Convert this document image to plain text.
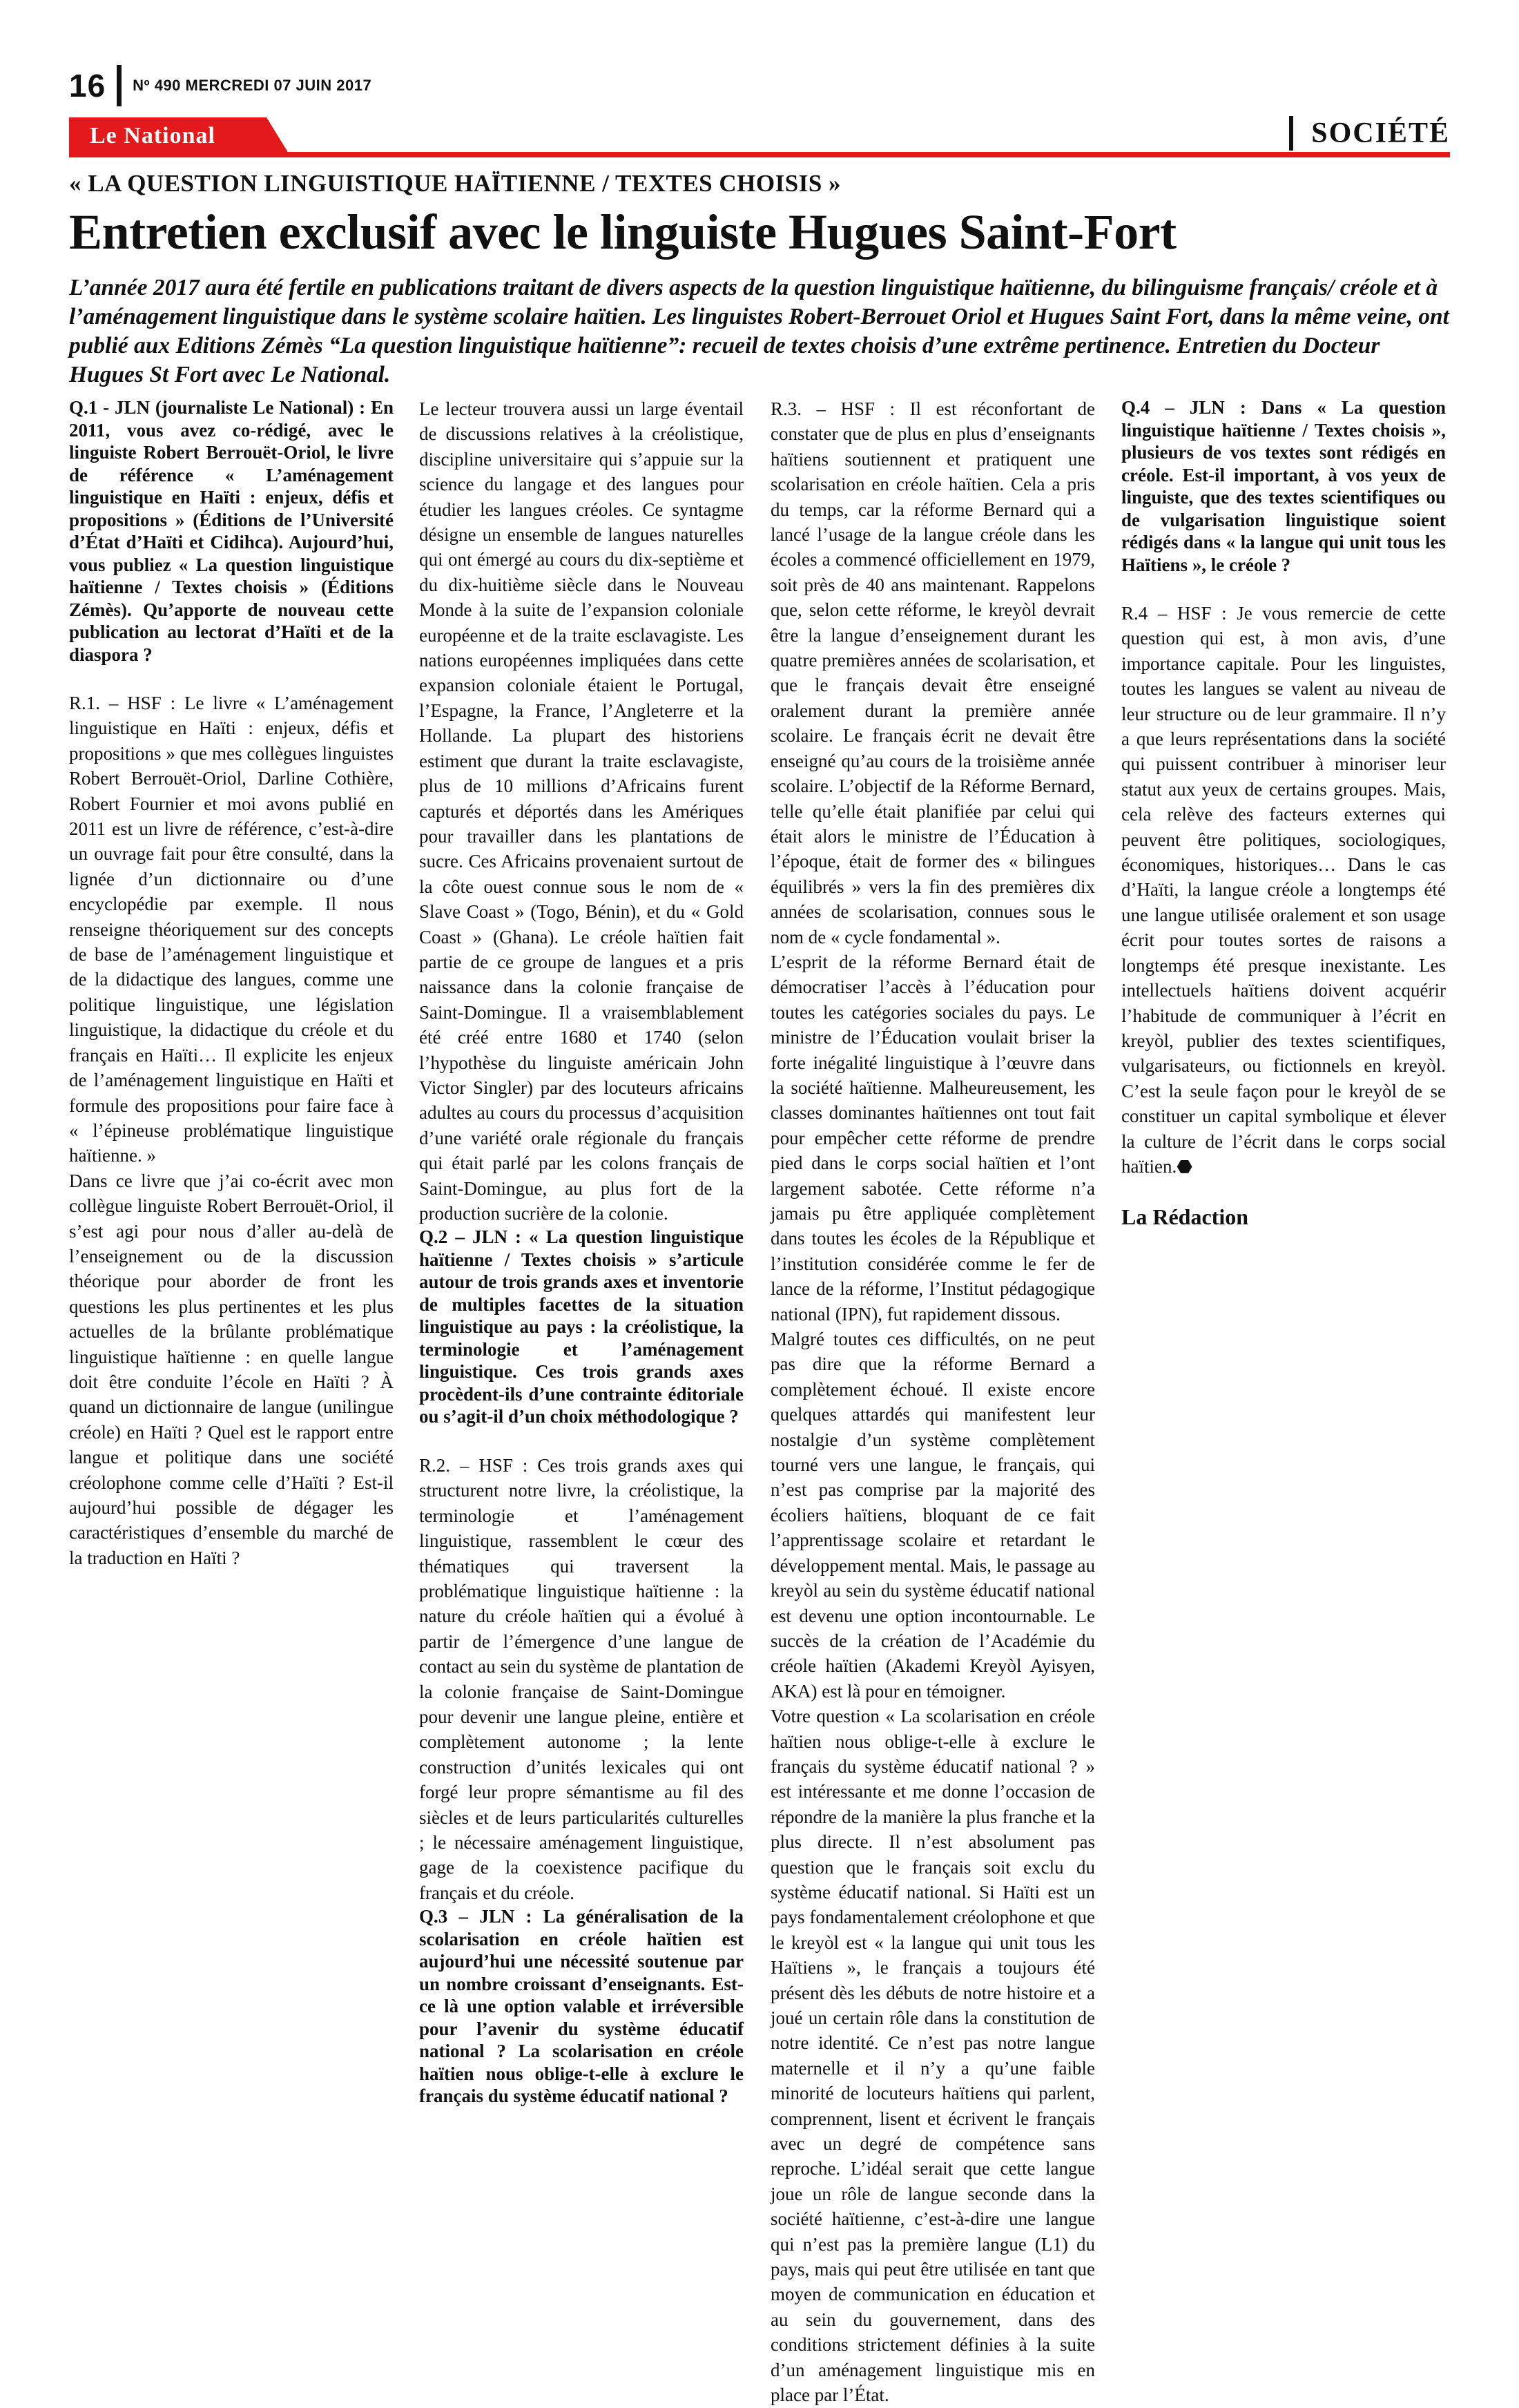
16 Nº 490 MERCREDI 07 JUIN 2017
Le National	SOCIÉTÉ
« LA QUESTION LINGUISTIQUE HAÏTIENNE / TEXTES CHOISIS »
Entretien exclusif avec le linguiste Hugues Saint-Fort
L’année 2017 aura été fertile en publications traitant de divers aspects de la question linguistique haïtienne, du bilinguisme français/ créole et à l’aménagement linguistique dans le système scolaire haïtien. Les linguistes Robert-Berrouet Oriol et Hugues Saint Fort, dans la même veine, ont publié aux Editions Zémès “La question linguistique haïtienne”: recueil de textes choisis d’une extrême pertinence. Entretien du Docteur Hugues St Fort avec Le National.

Q.1 - JLN (journaliste Le National) : En 2011, vous avez co-rédigé, avec le linguiste Robert Berrouët-Oriol, le livre de référence « L’aménagement linguistique en Haïti : enjeux, défis et propositions » (Éditions de l’Université d’État d’Haïti et Cidihca). Aujourd’hui, vous publiez « La question linguistique haïtienne / Textes choisis » (Éditions Zémès). Qu’apporte de nouveau cette publication au lectorat d’Haïti et de la diaspora ?

R.1. – HSF : Le livre « L’aménagement linguistique en Haïti : enjeux, défis et propositions » que mes collègues linguistes Robert Berrouët-Oriol, Darline Cothière, Robert Fournier et moi avons publié en 2011 est un livre de référence, c’est-à-dire un ouvrage fait pour être consulté, dans la lignée d’un dictionnaire ou d’une encyclopédie par exemple. Il nous renseigne théoriquement sur des concepts de base de l’aménagement linguistique et de la didactique des langues, comme une politique linguistique, une législation linguistique, la didactique du créole et du français en Haïti… Il explicite les enjeux de l’aménagement linguistique en Haïti et formule des propositions pour faire face à « l’épineuse problématique linguistique haïtienne. »

Dans ce livre que j’ai co-écrit avec mon collègue linguiste Robert Berrouët-Oriol, il s’est agi pour nous d’aller au-delà de l’enseignement ou de la discussion théorique pour aborder de front les questions les plus pertinentes et les plus actuelles de la brûlante problématique linguistique haïtienne : en quelle langue doit être conduite l’école en Haïti ? À quand un dictionnaire de langue (unilingue créole) en Haïti ? Quel est le rapport entre langue et politique dans une société créolophone comme celle d’Haïti ? Est-il aujourd’hui possible de dégager les caractéristiques d’ensemble du marché de la traduction en Haïti ?

Le lecteur trouvera aussi un large éventail de discussions relatives à la créolistique, discipline universitaire qui s’appuie sur la science du langage et des langues pour étudier les langues créoles. Ce syntagme désigne un ensemble de langues naturelles qui ont émergé au cours du dix-septième et du dix-huitième siècle dans le Nouveau Monde à la suite de l’expansion coloniale européenne et de la traite esclavagiste. Les nations européennes impliquées dans cette expansion coloniale étaient le Portugal, l’Espagne, la France, l’Angleterre et la Hollande. La plupart des historiens estiment que durant la traite esclavagiste, plus de 10 millions d’Africains furent capturés et déportés dans les Amériques pour travailler dans les plantations de sucre. Ces Africains provenaient surtout de la côte ouest connue sous le nom de « Slave Coast » (Togo, Bénin), et du « Gold Coast » (Ghana). Le créole haïtien fait partie de ce groupe de langues et a pris naissance dans la colonie française de Saint-Domingue. Il a vraisemblablement été créé entre 1680 et 1740 (selon l’hypothèse du linguiste américain John Victor Singler) par des locuteurs africains adultes au cours du processus d’acquisition d’une variété orale régionale du français qui était parlé par les colons français de Saint-Domingue, au plus fort de la production sucrière de la colonie.

Q.2 – JLN : « La question linguistique haïtienne / Textes choisis » s’articule autour de trois grands axes et inventorie de multiples facettes de la situation linguistique au pays : la créolistique, la terminologie et l’aménagement linguistique. Ces trois grands axes procèdent-ils d’une contrainte éditoriale ou s’agit-il d’un choix méthodologique ?

R.2. – HSF : Ces trois grands axes qui structurent notre livre, la créolistique, la terminologie et l’aménagement linguistique, rassemblent le cœur des thématiques qui traversent la problématique linguistique haïtienne : la nature du créole haïtien qui a évolué à partir de l’émergence d’une langue de contact au sein du système de plantation de la colonie française de Saint-Domingue pour devenir une langue pleine, entière et complètement autonome ; la lente construction d’unités lexicales qui ont forgé leur propre sémantisme au fil des siècles et de leurs particularités culturelles ; le nécessaire aménagement linguistique, gage de la coexistence pacifique du français et du créole.

Q.3 – JLN : La généralisation de la scolarisation en créole haïtien est aujourd’hui une nécessité soutenue par un nombre croissant d’enseignants. Est-ce là une option valable et irréversible pour l’avenir du système éducatif national ? La scolarisation en créole haïtien nous oblige-t-elle à exclure le français du système éducatif national ?

R.3. – HSF : Il est réconfortant de constater que de plus en plus d’enseignants haïtiens soutiennent et pratiquent une scolarisation en créole haïtien. Cela a pris du temps, car la réforme Bernard qui a lancé l’usage de la langue créole dans les écoles a commencé officiellement en 1979, soit près de 40 ans maintenant. Rappelons que, selon cette réforme, le kreyòl devrait être la langue d’enseignement durant les quatre premières années de scolarisation, et que le français devait être enseigné oralement durant la première année scolaire. Le français écrit ne devait être enseigné qu’au cours de la troisième année scolaire. L’objectif de la Réforme Bernard, telle qu’elle était planifiée par celui qui était alors le ministre de l’Éducation à l’époque, était de former des « bilingues équilibrés » vers la fin des premières dix années de scolarisation, connues sous le nom de « cycle fondamental ».

L’esprit de la réforme Bernard était de démocratiser l’accès à l’éducation pour toutes les catégories sociales du pays. Le ministre de l’Éducation voulait briser la forte inégalité linguistique à l’œuvre dans la société haïtienne. Malheureusement, les classes dominantes haïtiennes ont tout fait pour empêcher cette réforme de prendre pied dans le corps social haïtien et l’ont largement sabotée. Cette réforme n’a jamais pu être appliquée complètement dans toutes les écoles de la République et l’institution considérée comme le fer de lance de la réforme, l’Institut pédagogique national (IPN), fut rapidement dissous.

Malgré toutes ces difficultés, on ne peut pas dire que la réforme Bernard a complètement échoué. Il existe encore quelques attardés qui manifestent leur nostalgie d’un système complètement tourné vers une langue, le français, qui n’est pas comprise par la majorité des écoliers haïtiens, bloquant de ce fait l’apprentissage scolaire et retardant le développement mental. Mais, le passage au kreyòl au sein du système éducatif national est devenu une option incontournable. Le succès de la création de l’Académie du créole haïtien (Akademi Kreyòl Ayisyen, AKA) est là pour en témoigner.

Votre question « La scolarisation en créole haïtien nous oblige-t-elle à exclure le français du système éducatif national ? » est intéressante et me donne l’occasion de répondre de la manière la plus franche et la plus directe. Il n’est absolument pas question que le français soit exclu du système éducatif national. Si Haïti est un pays fondamentalement créolophone et que le kreyòl est « la langue qui unit tous les Haïtiens », le français a toujours été présent dès les débuts de notre histoire et a joué un certain rôle dans la constitution de notre identité. Ce n’est pas notre langue maternelle et il n’y a qu’une faible minorité de locuteurs haïtiens qui parlent, comprennent, lisent et écrivent le français avec un degré de compétence sans reproche. L’idéal serait que cette langue joue un rôle de langue seconde dans la société haïtienne, c’est-à-dire une langue qui n’est pas la première langue (L1) du pays, mais qui peut être utilisée en tant que moyen de communication en éducation et au sein du gouvernement, dans des conditions strictement définies à la suite d’un aménagement linguistique mis en place par l’État.

Q.4 – JLN : Dans « La question linguistique haïtienne / Textes choisis », plusieurs de vos textes sont rédigés en créole. Est-il important, à vos yeux de linguiste, que des textes scientifiques ou de vulgarisation linguistique soient rédigés dans « la langue qui unit tous les Haïtiens », le créole ?

R.4 – HSF : Je vous remercie de cette question qui est, à mon avis, d’une importance capitale. Pour les linguistes, toutes les langues se valent au niveau de leur structure ou de leur grammaire. Il n’y a que leurs représentations dans la société qui puissent contribuer à minoriser leur statut aux yeux de certains groupes. Mais, cela relève des facteurs externes qui peuvent être politiques, sociologiques, économiques, historiques… Dans le cas d’Haïti, la langue créole a longtemps été une langue utilisée oralement et son usage écrit pour toutes sortes de raisons a longtemps été presque inexistante. Les intellectuels haïtiens doivent acquérir l’habitude de communiquer à l’écrit en kreyòl, publier des textes scientifiques, vulgarisateurs, ou fictionnels en kreyòl. C’est la seule façon pour le kreyòl de se constituer un capital symbolique et élever la culture de l’écrit dans le corps social haïtien.⬣

La Rédaction
